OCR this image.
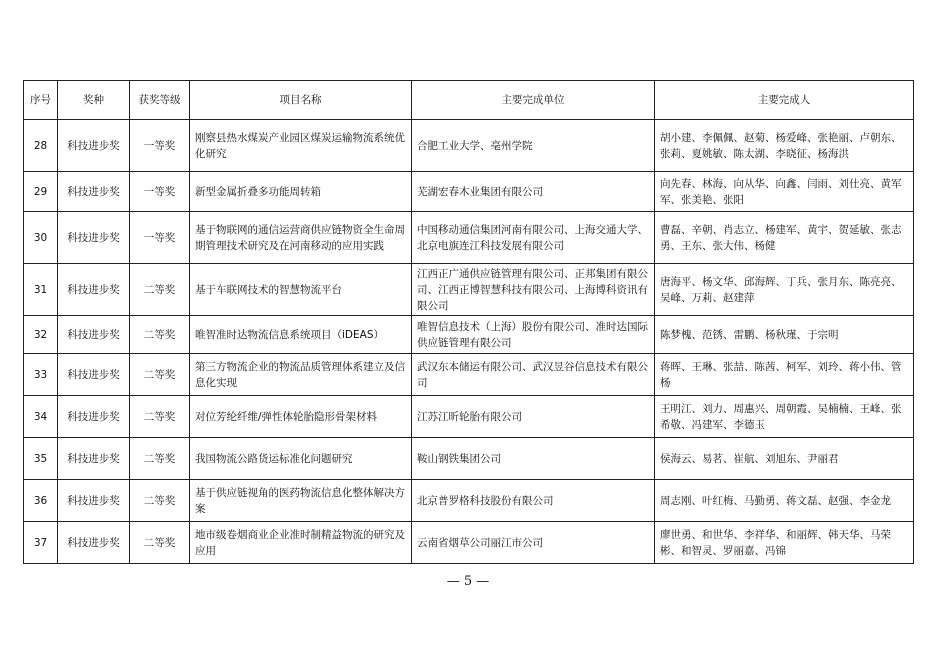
序号	奖种	获奖等级	项目名称	主要完成单位	主要完成人
28	科技进步奖	一等奖	刚察县热水煤炭产业园区煤炭运输物流系统优化研究	合肥工业大学、亳州学院	胡小建、李佩佩、赵菊、杨爱峰、张艳丽、卢朝东、张莉、夏姚敏、陈太湖、李晓征、杨海洪
29	科技进步奖	一等奖	新型金属折叠多功能周转箱	芜湖宏春木业集团有限公司	向先春、林海、向从华、向鑫、闫雨、刘仕亮、黄军军、张美艳、张阳
30	科技进步奖	一等奖	基于物联网的通信运营商供应链物资全生命周期管理技术研究及在河南移动的应用实践	中国移动通信集团河南有限公司、上海交通大学、北京电旗连江科技发展有限公司	曹磊、辛朝、肖志立、杨建军、黄宇、贺延敏、张志勇、王东、张大伟、杨健
31	科技进步奖	二等奖	基于车联网技术的智慧物流平台	江西正广通供应链管理有限公司、正邦集团有限公司、江西正博智慧科技有限公司、上海博科资讯有限公司	唐海平、杨文华、邱海辉、丁兵、张月东、陈亮亮、吴峰、万莉、赵建萍
32	科技进步奖	二等奖	唯智准时达物流信息系统项目（iDEAS）	唯智信息技术（上海）股份有限公司、准时达国际供应链管理有限公司	陈梦槐、范锈、雷鹏、杨秋瑾、于宗明
33	科技进步奖	二等奖	第三方物流企业的物流品质管理体系建立及信息化实现	武汉东本储运有限公司、武汉昱谷信息技术有限公司	蒋晖、王琳、张喆、陈茜、柯军、刘玲、蒋小伟、管杨
34	科技进步奖	二等奖	对位芳纶纤维/弹性体轮胎隐形骨架材料	江苏江昕轮胎有限公司	王明江、刘力、周惠兴、周朝霞、吴楠楠、王峰、张希敬、冯建军、李德玉
35	科技进步奖	二等奖	我国物流公路货运标准化问题研究	鞍山钢铁集团公司	侯海云、易茗、崔航、刘旭东、尹丽君
36	科技进步奖	二等奖	基于供应链视角的医药物流信息化整体解决方案	北京普罗格科技股份有限公司	周志刚、叶红梅、马勤勇、蒋文磊、赵强、李金龙
37	科技进步奖	二等奖	地市级卷烟商业企业准时制精益物流的研究及应用	云南省烟草公司丽江市公司	廖世勇、和世华、李祥华、和丽辉、韩天华、马荣彬、和智灵、罗丽嘉、冯锦
— 5 —
